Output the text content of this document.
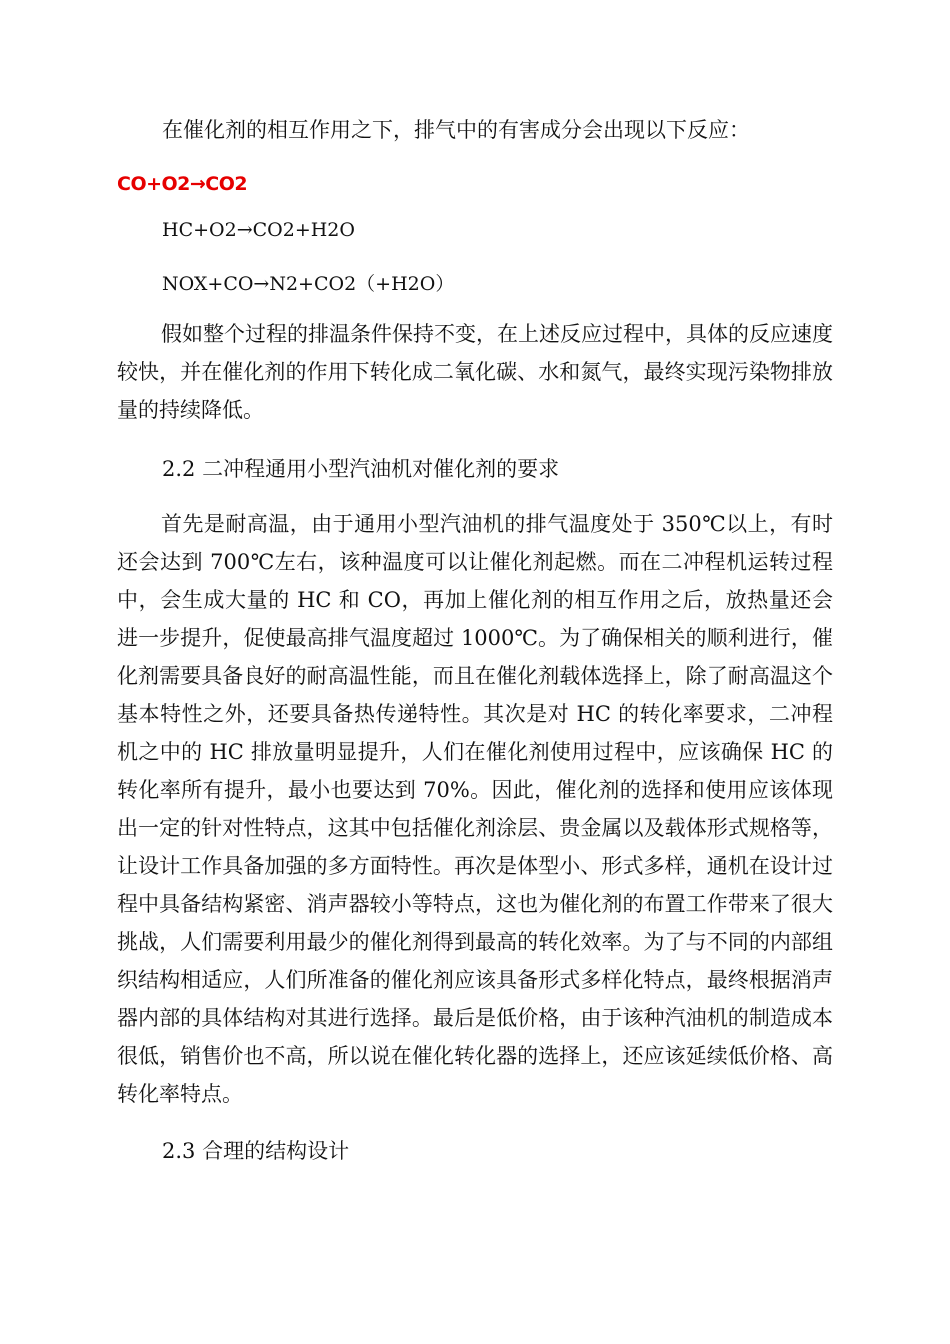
在催化剂的相互作用之下，排气中的有害成分会出现以下反应：
CO+O2→CO2
HC+O2→CO2+H2O
NOX+CO→N2+CO2（+H2O）
假如整个过程的排温条件保持不变，在上述反应过程中，具体的反应速度较快，并在催化剂的作用下转化成二氧化碳、水和氮气，最终实现污染物排放量的持续降低。
2.2 二冲程通用小型汽油机对催化剂的要求
首先是耐高温，由于通用小型汽油机的排气温度处于 350℃以上，有时还会达到 700℃左右，该种温度可以让催化剂起燃。而在二冲程机运转过程中，会生成大量的 HC 和 CO，再加上催化剂的相互作用之后，放热量还会进一步提升，促使最高排气温度超过 1000℃。为了确保相关的顺利进行，催化剂需要具备良好的耐高温性能，而且在催化剂载体选择上，除了耐高温这个基本特性之外，还要具备热传递特性。其次是对 HC 的转化率要求，二冲程机之中的 HC 排放量明显提升，人们在催化剂使用过程中，应该确保 HC 的转化率所有提升，最小也要达到 70%。因此，催化剂的选择和使用应该体现出一定的针对性特点，这其中包括催化剂涂层、贵金属以及载体形式规格等，让设计工作具备加强的多方面特性。再次是体型小、形式多样，通机在设计过程中具备结构紧密、消声器较小等特点，这也为催化剂的布置工作带来了很大挑战，人们需要利用最少的催化剂得到最高的转化效率。为了与不同的内部组织结构相适应，人们所准备的催化剂应该具备形式多样化特点，最终根据消声器内部的具体结构对其进行选择。最后是低价格，由于该种汽油机的制造成本很低，销售价也不高，所以说在催化转化器的选择上，还应该延续低价格、高转化率特点。
2.3 合理的结构设计
